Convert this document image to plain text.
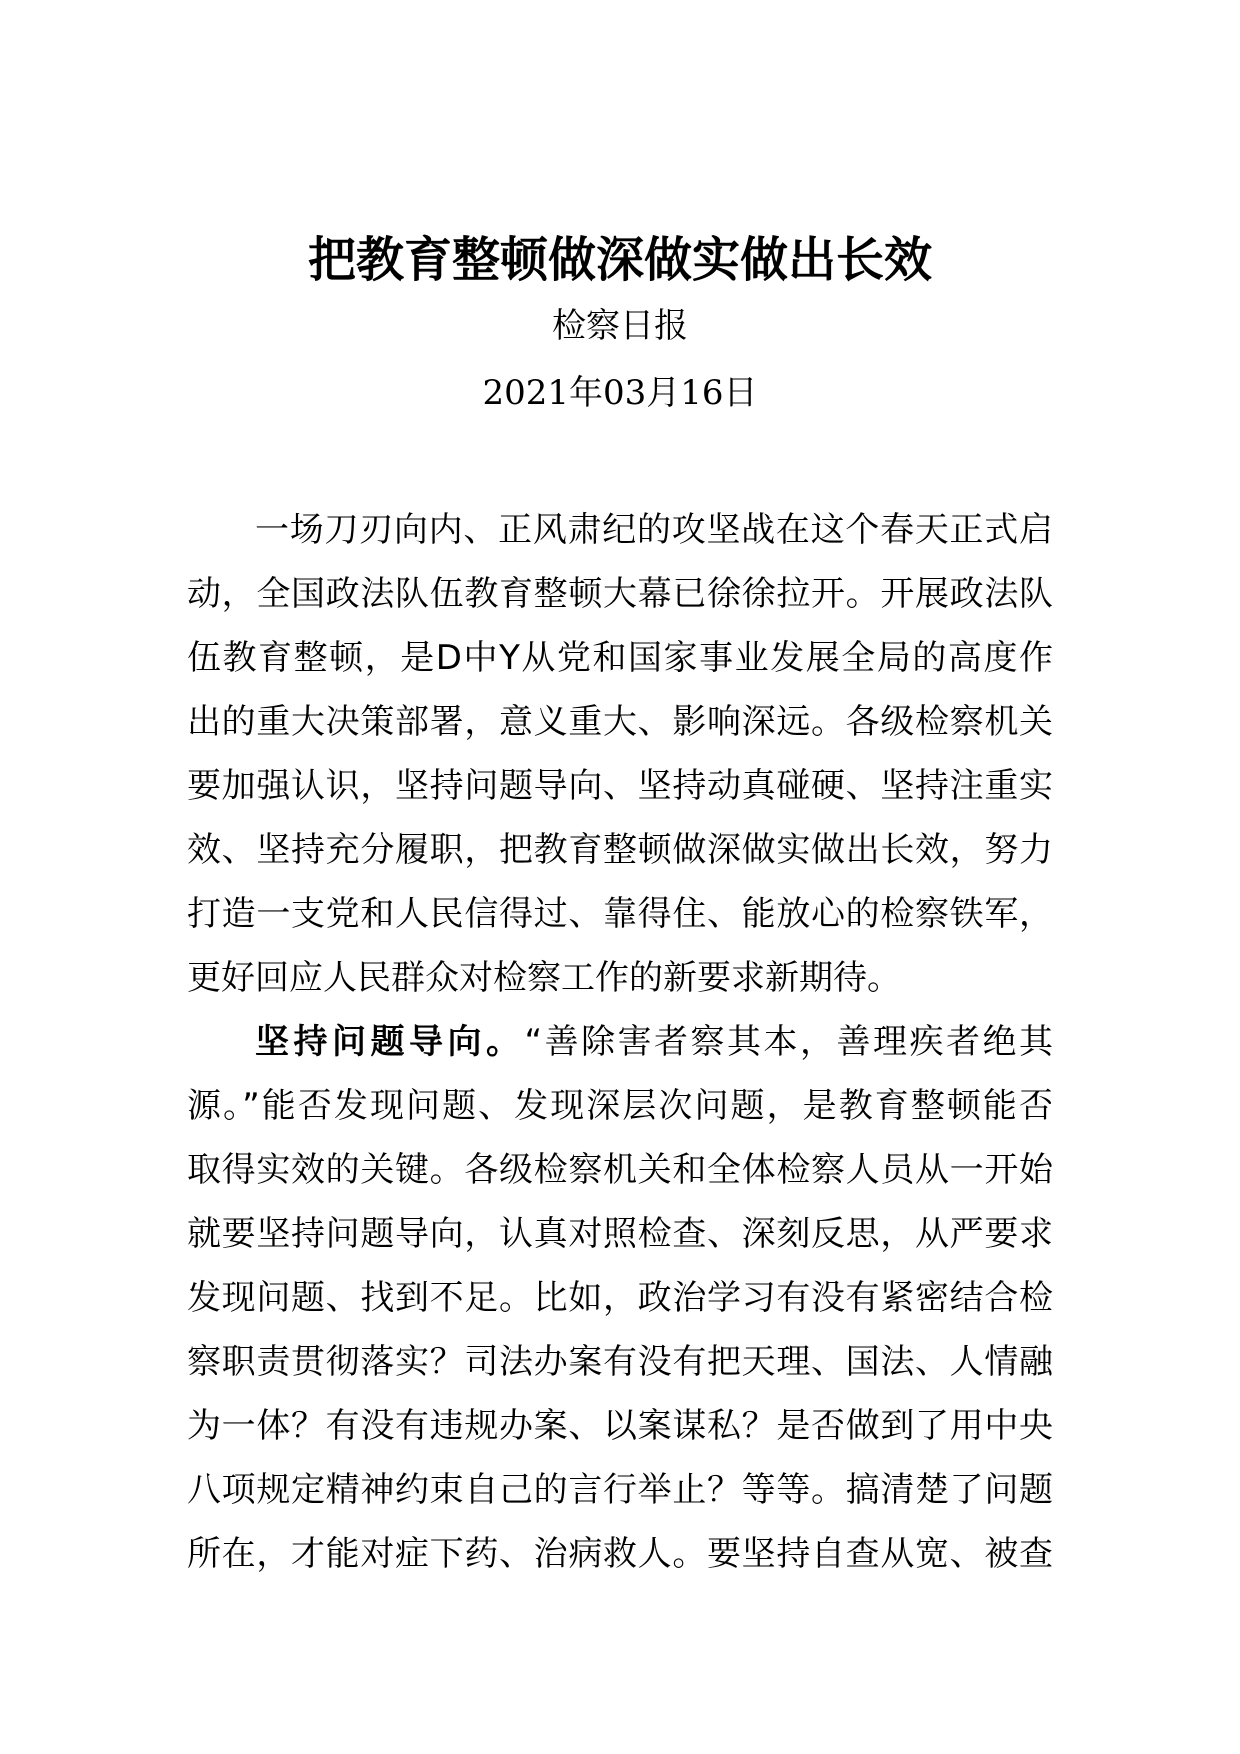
把教育整顿做深做实做出长效
检察日报
2021年03月16日
一场刀刃向内、正风肃纪的攻坚战在这个春天正式启
动，全国政法队伍教育整顿大幕已徐徐拉开。开展政法队
伍教育整顿，是D中Y从党和国家事业发展全局的高度作
出的重大决策部署，意义重大、影响深远。各级检察机关
要加强认识，坚持问题导向、坚持动真碰硬、坚持注重实
效、坚持充分履职，把教育整顿做深做实做出长效，努力
打造一支党和人民信得过、靠得住、能放心的检察铁军，
更好回应人民群众对检察工作的新要求新期待。
坚持问题导向。“善除害者察其本，善理疾者绝其
源。”能否发现问题、发现深层次问题，是教育整顿能否
取得实效的关键。各级检察机关和全体检察人员从一开始
就要坚持问题导向，认真对照检查、深刻反思，从严要求
发现问题、找到不足。比如，政治学习有没有紧密结合检
察职责贯彻落实？司法办案有没有把天理、国法、人情融
为一体？有没有违规办案、以案谋私？是否做到了用中央
八项规定精神约束自己的言行举止？等等。搞清楚了问题
所在，才能对症下药、治病救人。要坚持自查从宽、被查
